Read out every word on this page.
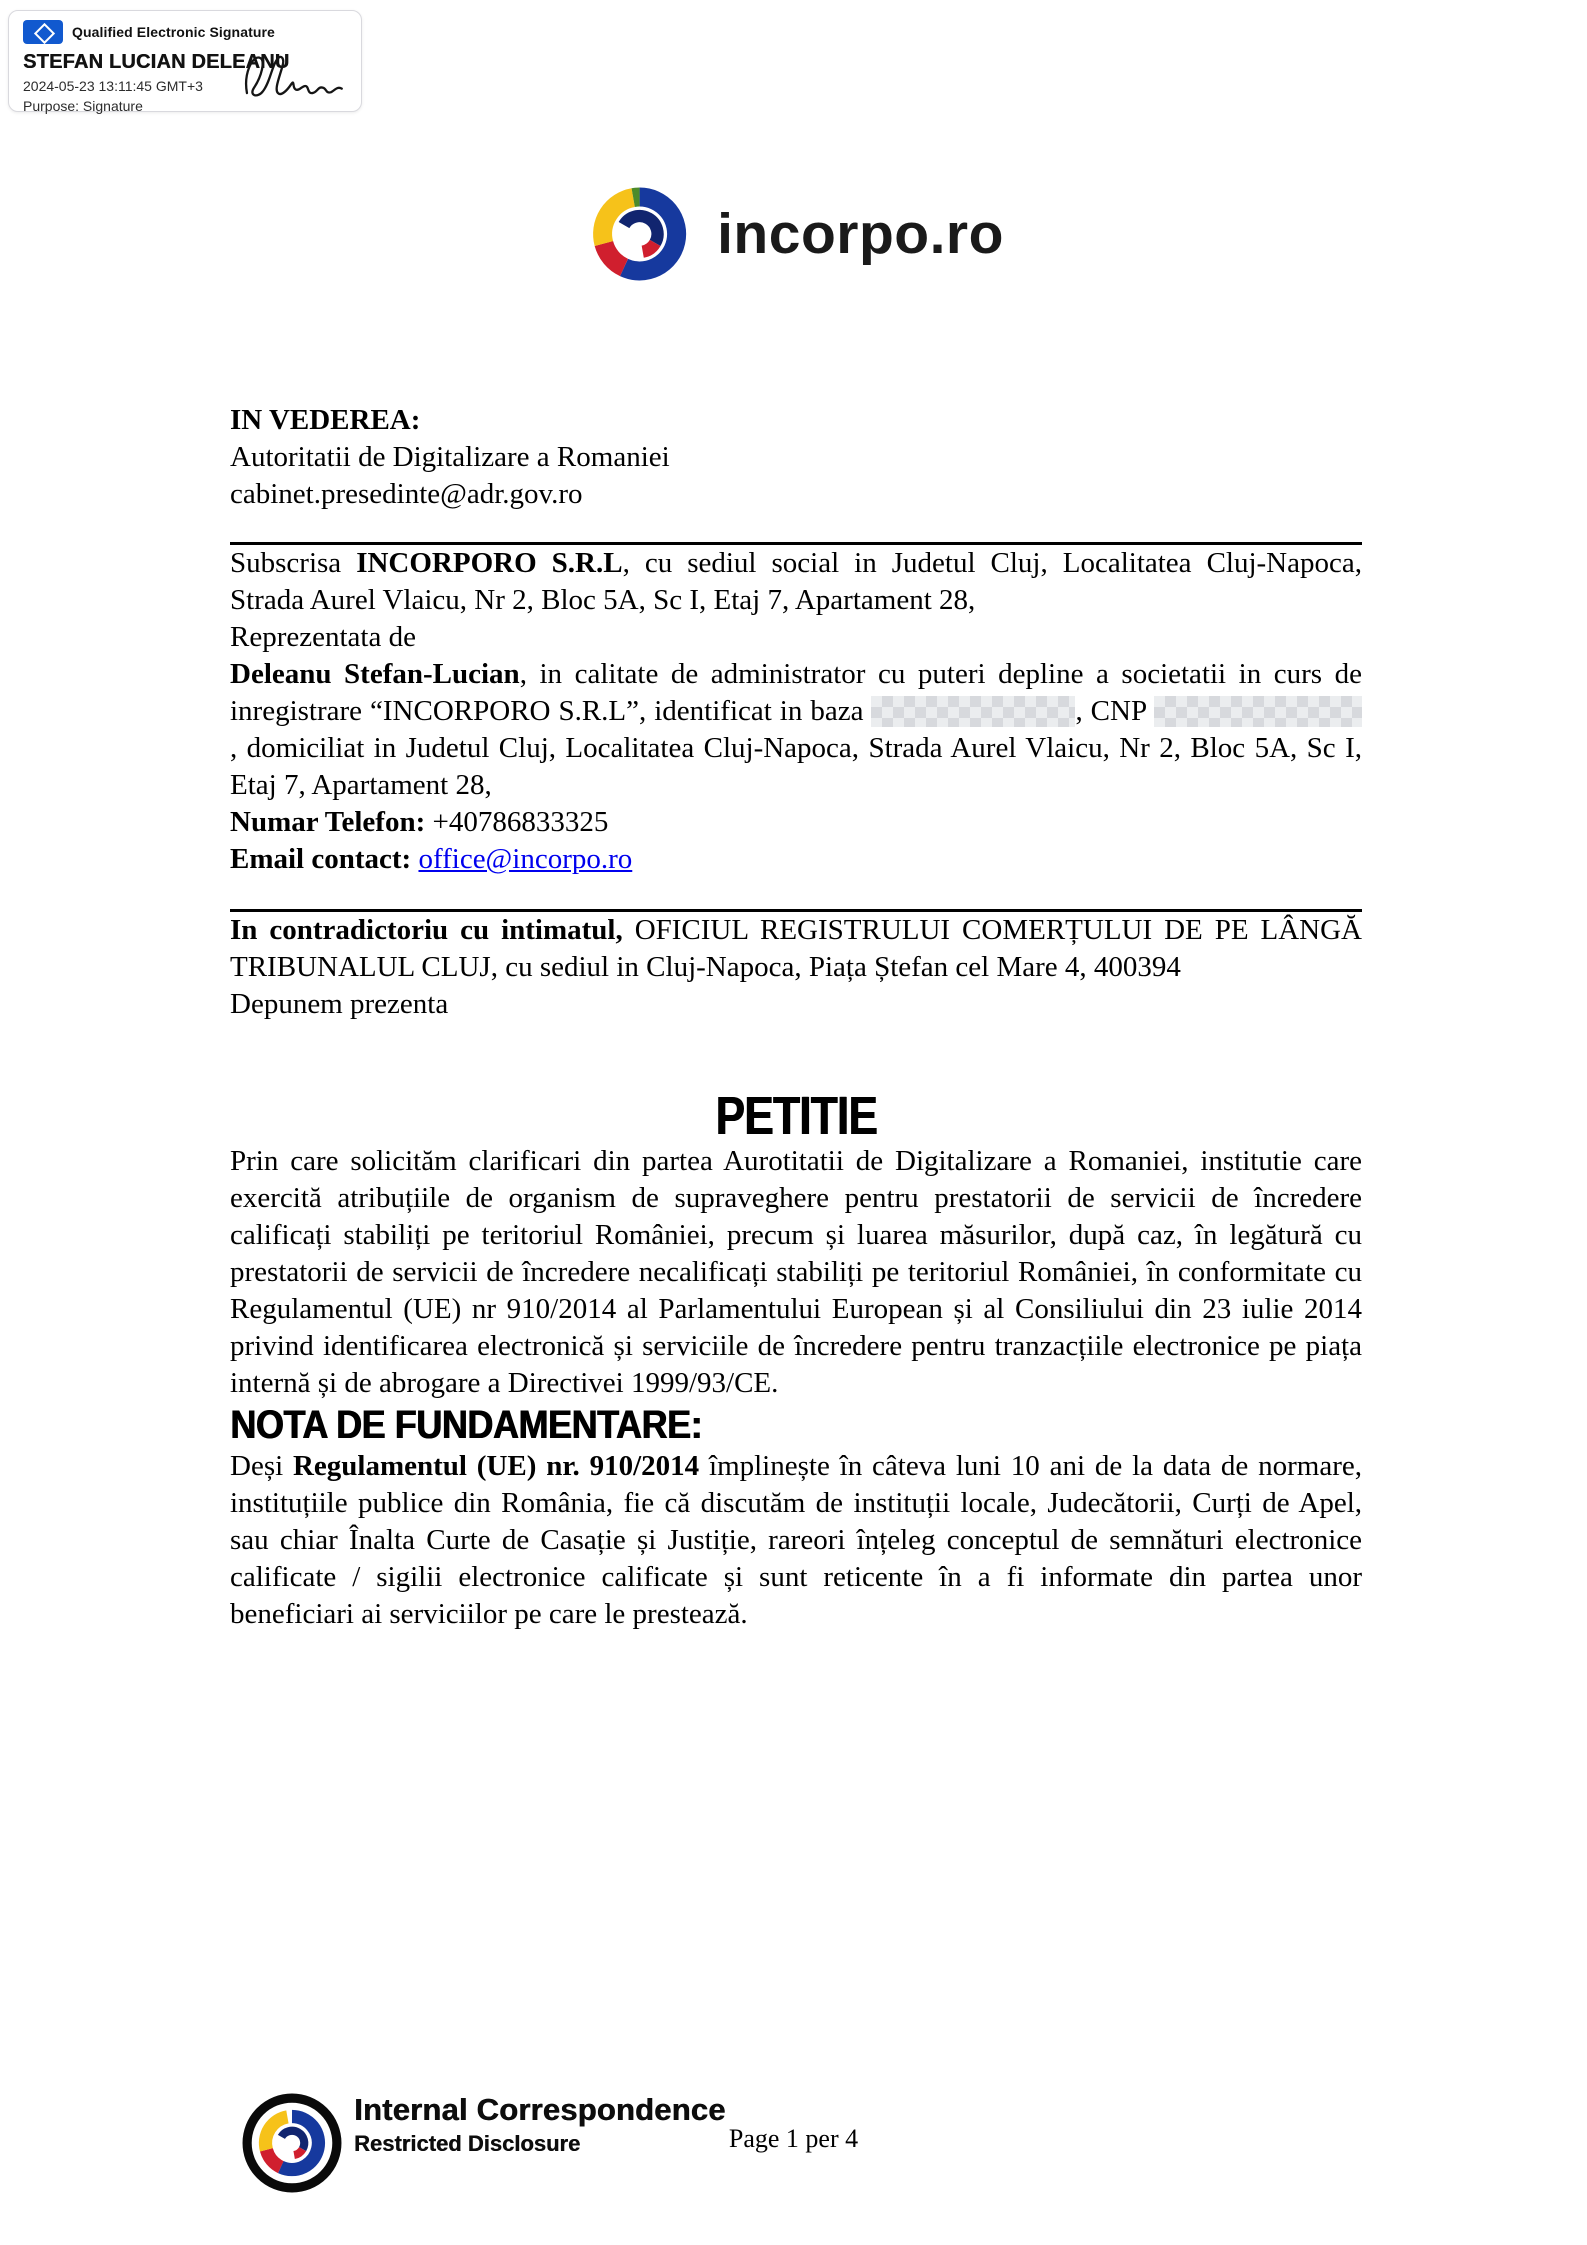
Qualified Electronic Signature
STEFAN LUCIAN DELEANU
2024-05-23 13:11:45 GMT+3
Purpose: Signature
incorpo.ro

IN VEDEREA:

Autoritatii de Digitalizare a Romaniei

cabinet.presedinte@adr.gov.ro

Subscrisa INCORPORO S.R.L, cu sediul social in Judetul Cluj, Localitatea Cluj-Napoca, Strada Aurel Vlaicu, Nr 2, Bloc 5A, Sc I, Etaj 7, Apartament 28,

Reprezentata de

Deleanu Stefan-Lucian, in calitate de administrator cu puteri depline a societatii in curs de inregistrare “INCORPORO S.R.L”, identificat in baza	, CNP , domiciliat in Judetul Cluj, Localitatea Cluj-Napoca, Strada Aurel Vlaicu, Nr 2, Bloc 5A, Sc I, Etaj 7, Apartament 28,

Numar Telefon: +40786833325

Email contact: office@incorpo.ro

In contradictoriu cu intimatul, OFICIUL REGISTRULUI COMERȚULUI DE PE LÂNGĂ TRIBUNALUL CLUJ, cu sediul in Cluj-Napoca, Piața Ștefan cel Mare 4, 400394

Depunem prezenta

PETITIE

Prin care solicităm clarificari din partea Aurotitatii de Digitalizare a Romaniei, institutie care exercită atribuțiile de organism de supraveghere pentru prestatorii de servicii de încredere calificați stabiliți pe teritoriul României, precum și luarea măsurilor, după caz, în legătură cu prestatorii de servicii de încredere necalificați stabiliți pe teritoriul României, în conformitate cu Regulamentul (UE) nr 910/2014 al Parlamentului European și al Consiliului din 23 iulie 2014 privind identificarea electronică și serviciile de încredere pentru tranzacțiile electronice pe piața internă și de abrogare a Directivei 1999/93/CE.

NOTA DE FUNDAMENTARE:

Deși Regulamentul (UE) nr. 910/2014 împlinеște în câteva luni 10 ani de la data de normare, instituțiile publice din România, fie că discutăm de instituții locale, Judecătorii, Curți de Apel, sau chiar Înalta Curte de Casație și Justiție, rareori înțeleg conceptul de semnături electronice calificate / sigilii electronice calificate și sunt reticente în a fi informate din partea unor beneficiari ai serviciilor pe care le prestează.

Internal Correspondence
Restricted Disclosure	Page 1 per 4
